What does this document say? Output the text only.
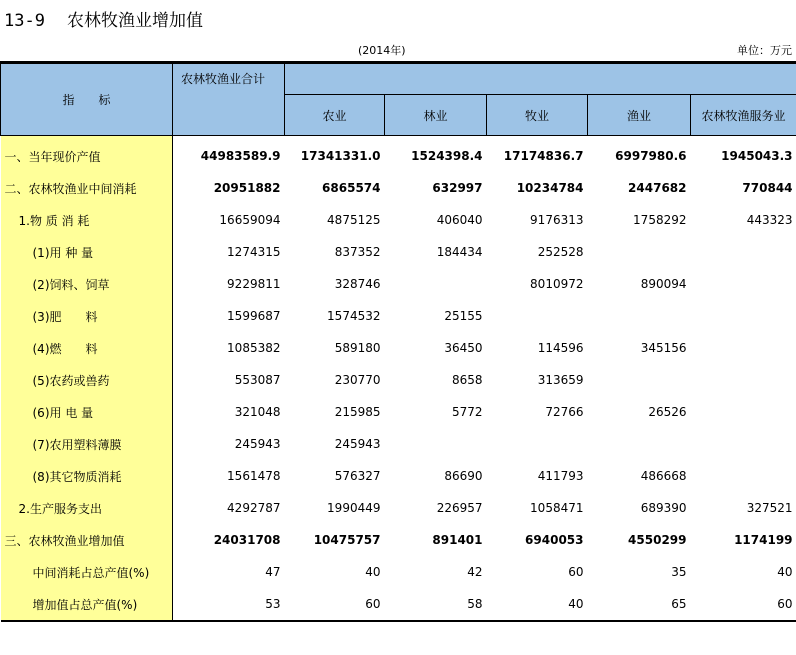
13-9 农林牧渔业增加值
(2014年)	单位：万元
指　　标	农林牧渔业合计					
		农业	林业	牧业	渔业	农林牧渔服务业
一、当年现价产值	44983589.9	17341331.0	1524398.4	17174836.7	6997980.6	1945043.3
二、农林牧渔业中间消耗	20951882	6865574	632997	10234784	2447682	770844
1.物 质 消 耗	16659094	4875125	406040	9176313	1758292	443323
(1)用 种 量	1274315	837352	184434	252528		
(2)饲料、饲草	9229811	328746		8010972	890094	
(3)肥　　料	1599687	1574532	25155			
(4)燃　　料	1085382	589180	36450	114596	345156	
(5)农药或兽药	553087	230770	8658	313659		
(6)用 电 量	321048	215985	5772	72766	26526	
(7)农用塑料薄膜	245943	245943				
(8)其它物质消耗	1561478	576327	86690	411793	486668	
2.生产服务支出	4292787	1990449	226957	1058471	689390	327521
三、农林牧渔业增加值	24031708	10475757	891401	6940053	4550299	1174199
中间消耗占总产值(%)	47	40	42	60	35	40
增加值占总产值(%)	53	60	58	40	65	60
